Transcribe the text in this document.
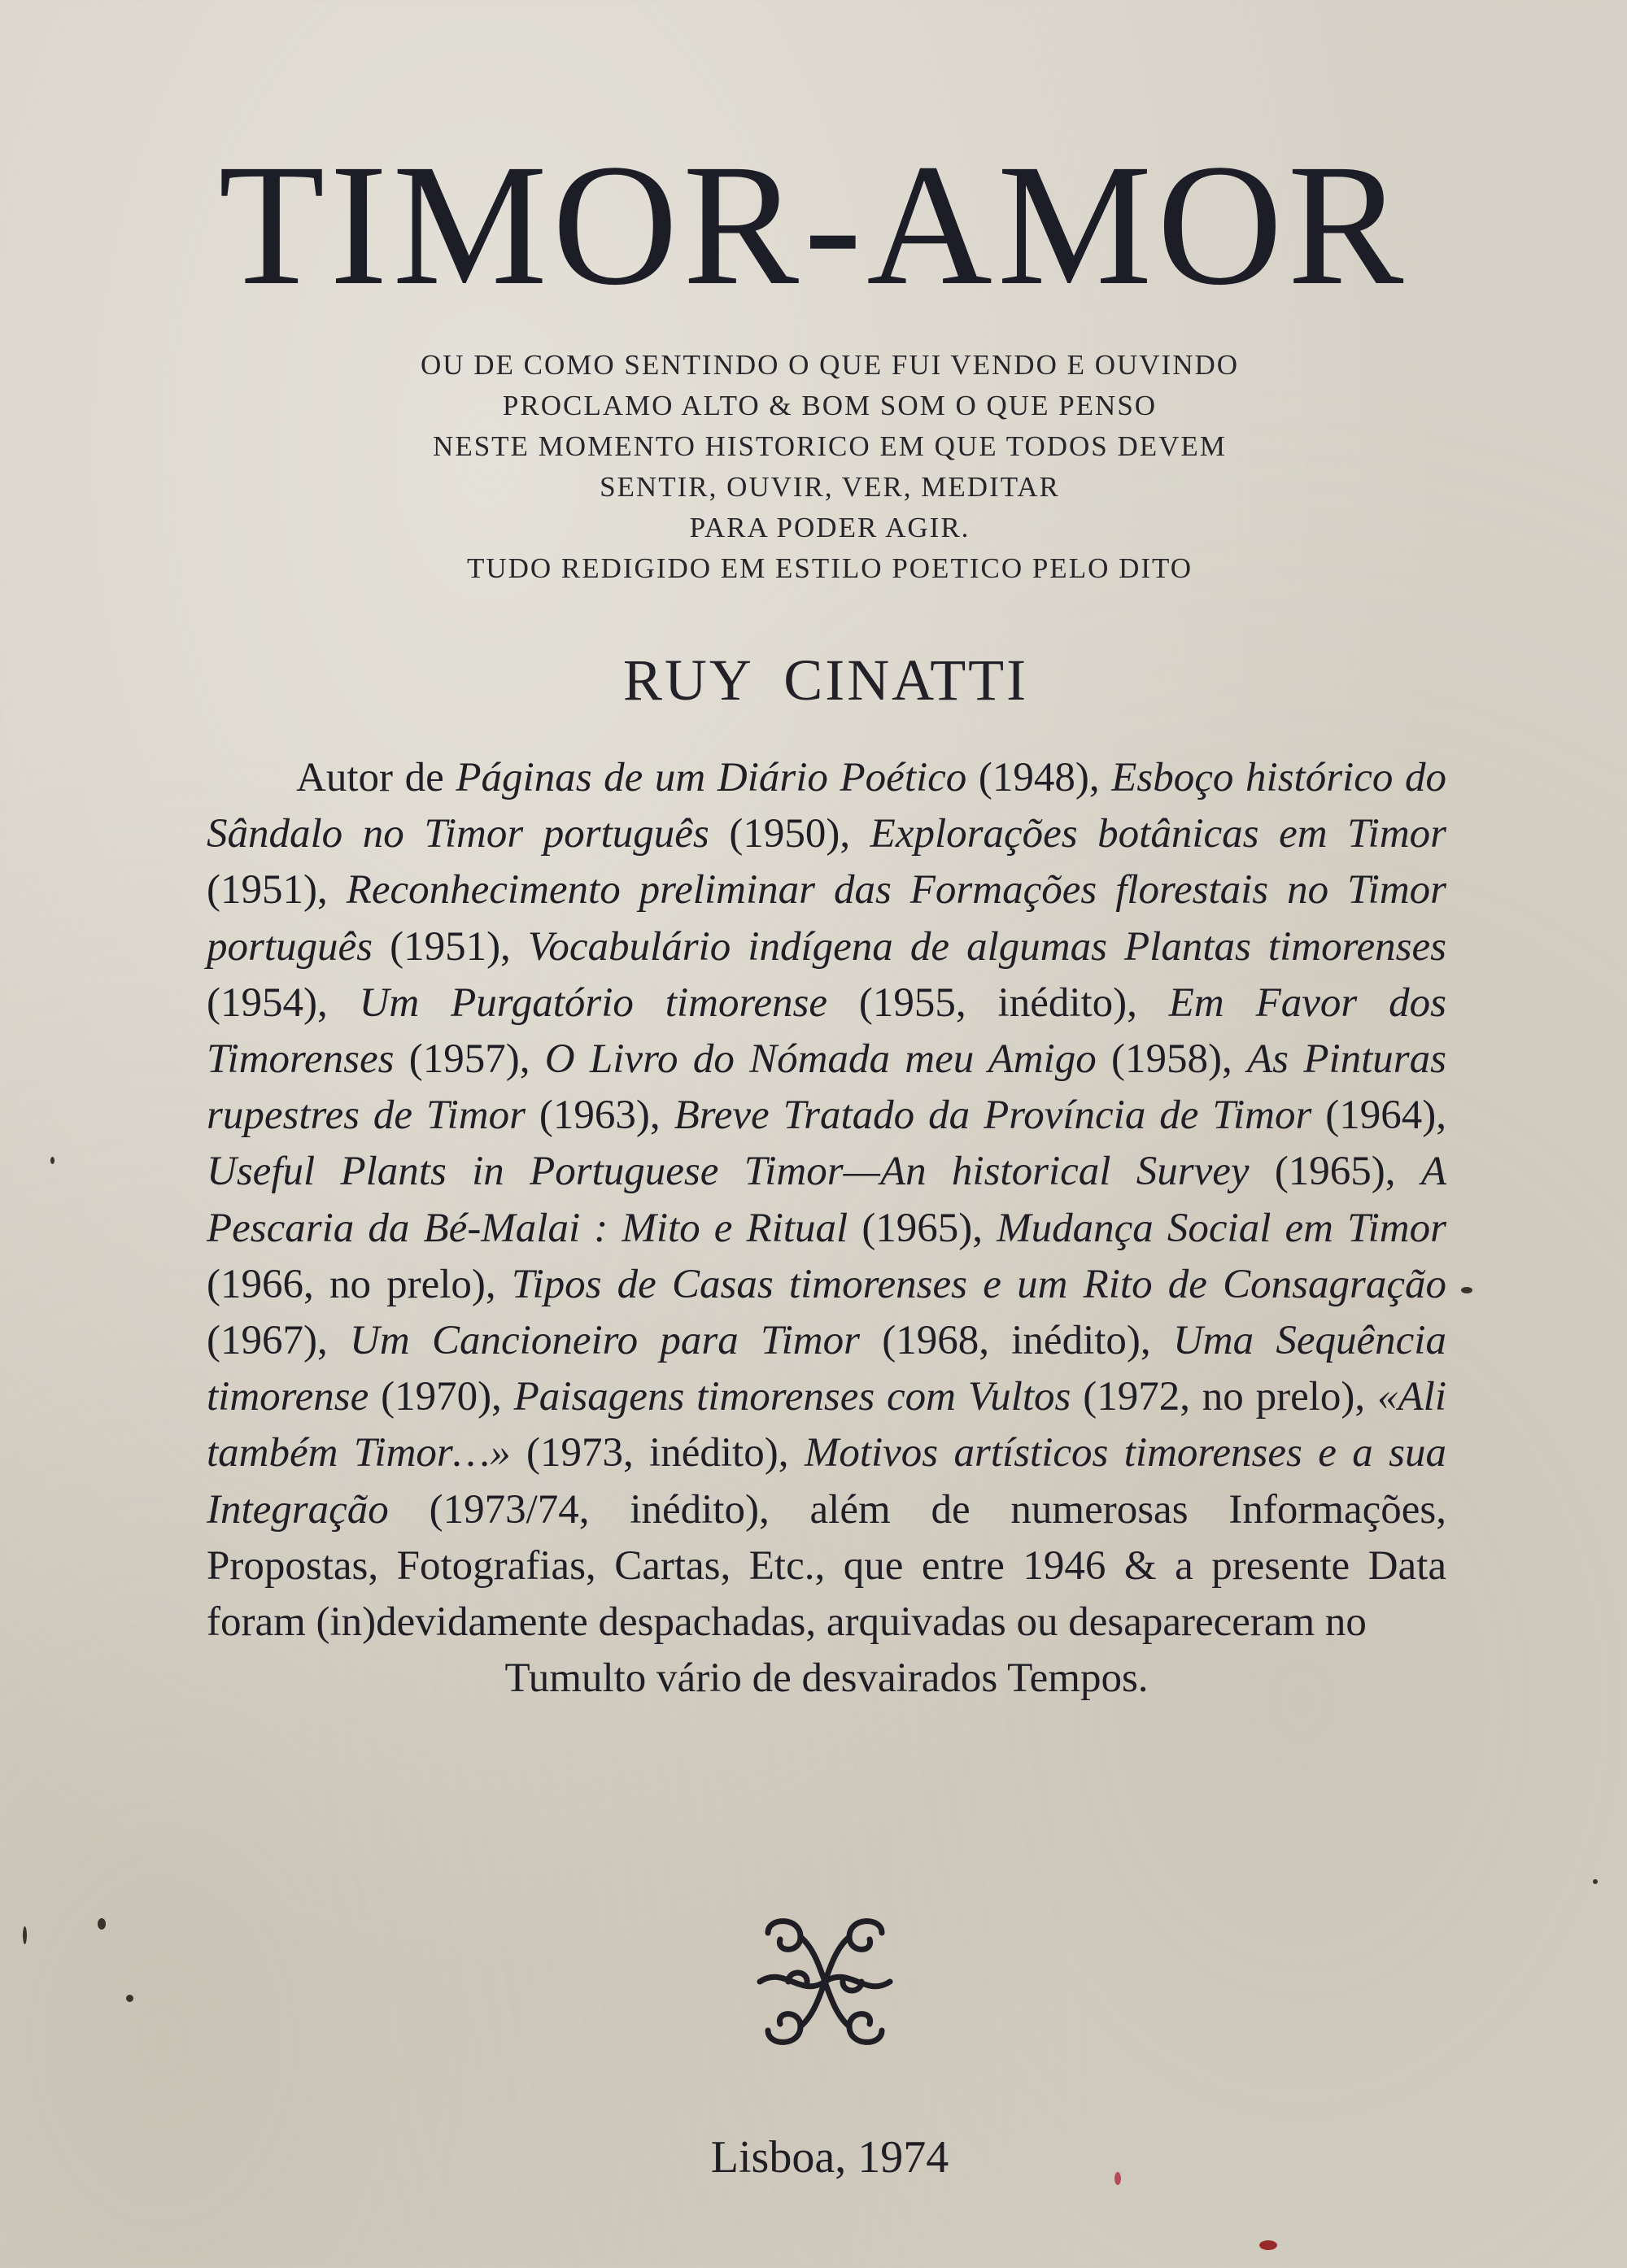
TIMOR-AMOR
OU DE COMO SENTINDO O QUE FUI VENDO E OUVINDO
PROCLAMO ALTO & BOM SOM O QUE PENSO
NESTE MOMENTO HISTORICO EM QUE TODOS DEVEM
SENTIR, OUVIR, VER, MEDITAR
PARA PODER AGIR.
TUDO REDIGIDO EM ESTILO POETICO PELO DITO
RUY CINATTI
Autor de Páginas de um Diário Poético (1948), Esboço histórico do Sândalo no Timor português (1950), Explorações botânicas em Timor (1951), Reconhecimento preliminar das Formações florestais no Timor português (1951), Vocabulário indígena de algumas Plantas timorenses (1954), Um Purgatório timorense (1955, inédito), Em Favor dos Timorenses (1957), O Livro do Nómada meu Amigo (1958), As Pinturas rupestres de Timor (1963), Breve Tratado da Província de Timor (1964), Useful Plants in Portuguese Timor—An historical Survey (1965), A Pescaria da Bé-Malai : Mito e Ritual (1965), Mudança Social em Timor (1966, no prelo), Tipos de Casas timorenses e um Rito de Consagração (1967), Um Cancioneiro para Timor (1968, inédito), Uma Sequência timorense (1970), Paisagens timorenses com Vultos (1972, no prelo), «Ali também Timor…» (1973, inédito), Motivos artísticos timorenses e a sua Integração (1973/74, inédito), além de numerosas Informações, Propostas, Fotografias, Cartas, Etc., que entre 1946 & a presente Data foram (in)devidamente despachadas, arquivadas ou desapareceram no
Tumulto vário de desvairados Tempos.
Lisboa, 1974
